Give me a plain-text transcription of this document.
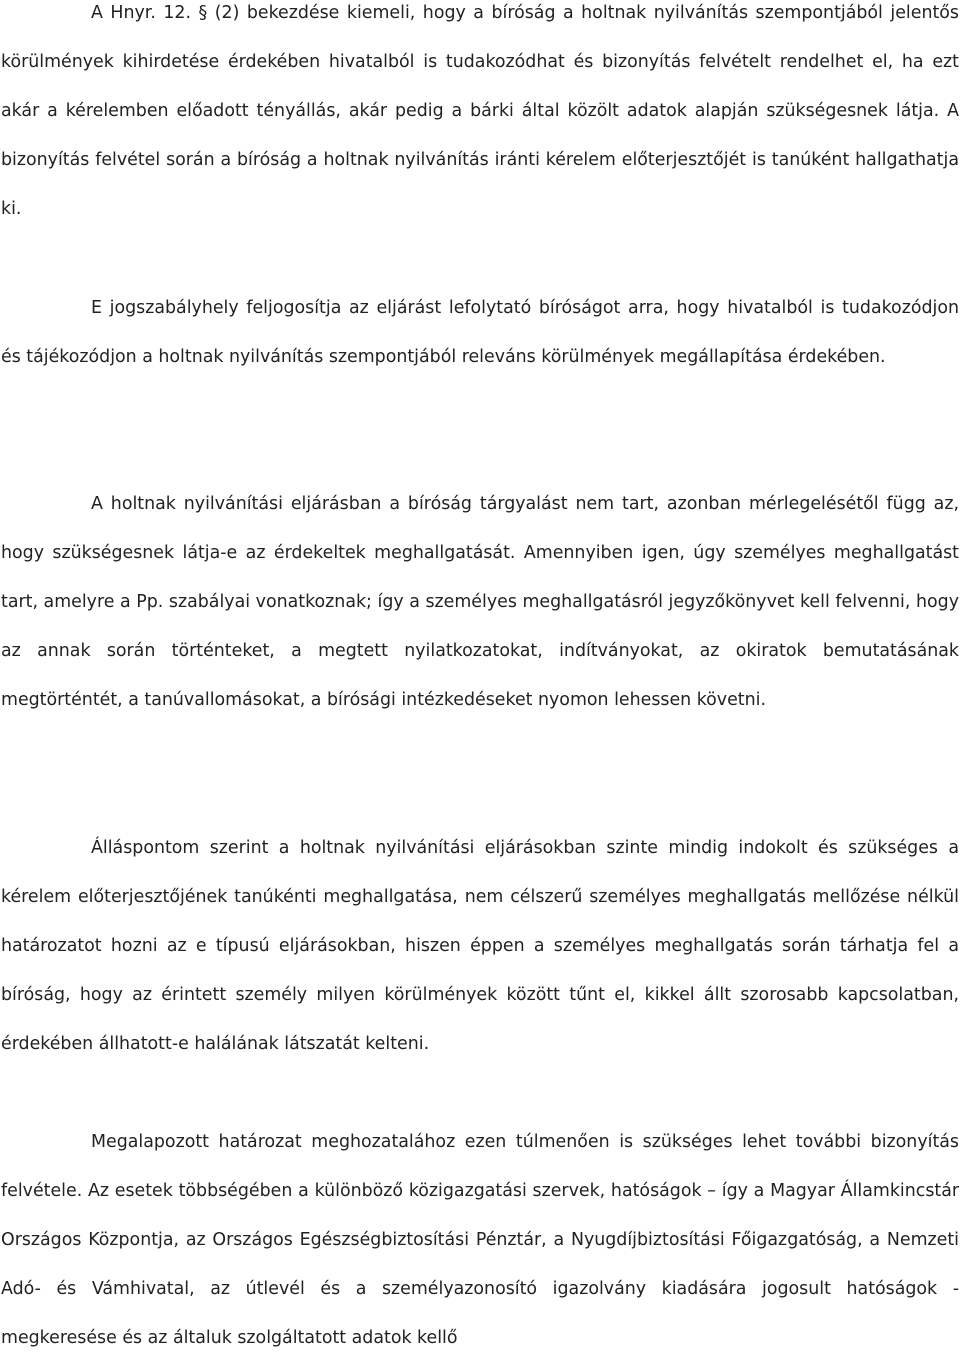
A Hnyr. 12. § (2) bekezdése kiemeli, hogy a bíróság a holtnak nyilvánítás szempontjából jelentős körülmények kihirdetése érdekében hivatalból is tudakozódhat és bizonyítás felvételt rendelhet el, ha ezt akár a kérelemben előadott tényállás, akár pedig a bárki által közölt adatok alapján szükségesnek látja. A bizonyítás felvétel során a bíróság a holtnak nyilvánítás iránti kérelem előterjesztőjét is tanúként hallgathatja ki.

E jogszabályhely feljogosítja az eljárást lefolytató bíróságot arra, hogy hivatalból is tudakozódjon és tájékozódjon a holtnak nyilvánítás szempontjából releváns körülmények megállapítása érdekében.

A holtnak nyilvánítási eljárásban a bíróság tárgyalást nem tart, azonban mérlegelésétől függ az, hogy szükségesnek látja-e az érdekeltek meghallgatását. Amennyiben igen, úgy személyes meghallgatást tart, amelyre a Pp. szabályai vonatkoznak; így a személyes meghallgatásról jegyzőkönyvet kell felvenni, hogy az annak során történteket, a megtett nyilatkozatokat, indítványokat, az okiratok bemutatásának megtörténtét, a tanúvallomásokat, a bírósági intézkedéseket nyomon lehessen követni.

Álláspontom szerint a holtnak nyilvánítási eljárásokban szinte mindig indokolt és szükséges a kérelem előterjesztőjének tanúkénti meghallgatása, nem célszerű személyes meghallgatás mellőzése nélkül határozatot hozni az e típusú eljárásokban, hiszen éppen a személyes meghallgatás során tárhatja fel a bíróság, hogy az érintett személy milyen körülmények között tűnt el, kikkel állt szorosabb kapcsolatban, érdekében állhatott-e halálának látszatát kelteni.

Megalapozott határozat meghozatalához ezen túlmenően is szükséges lehet további bizonyítás felvétele. Az esetek többségében a különböző közigazgatási szervek, hatóságok – így a Magyar Államkincstár Országos Központja, az Országos Egészségbiztosítási Pénztár, a Nyugdíjbiztosítási Főigazgatóság, a Nemzeti Adó- és Vámhivatal, az útlevél és a személyazonosító igazolvány kiadására jogosult hatóságok - megkeresése és az általuk szolgáltatott adatok kellő
